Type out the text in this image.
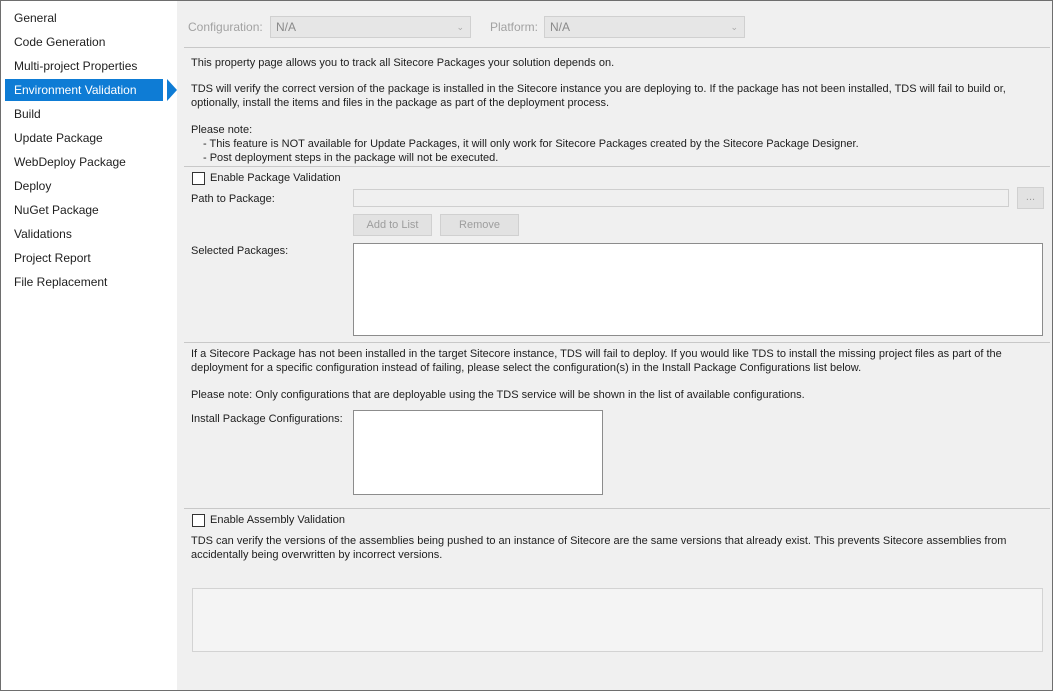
General
Code Generation
Multi-project Properties
Environment Validation
Build
Update Package
WebDeploy Package
Deploy
NuGet Package
Validations
Project Report
File Replacement
Configuration:	N/A	⌄ Platform: N/A	⌄
This property page allows you to track all Sitecore Packages your solution depends on.
TDS will verify the correct version of the package is installed in the Sitecore instance you are deploying to. If the package has not been installed, TDS will fail to build or,
optionally, install the items and files in the package as part of the deployment process.
Please note:
- This feature is NOT available for Update Packages, it will only work for Sitecore Packages created by the Sitecore Package Designer.
- Post deployment steps in the package will not be executed.
Enable Package Validation
Path to Package:	...
Add to List	Remove
Selected Packages:
If a Sitecore Package has not been installed in the target Sitecore instance, TDS will fail to deploy. If you would like TDS to install the missing project files as part of the
deployment for a specific configuration instead of failing, please select the configuration(s) in the Install Package Configurations list below.
Please note: Only configurations that are deployable using the TDS service will be shown in the list of available configurations.
Install Package Configurations:
Enable Assembly Validation
TDS can verify the versions of the assemblies being pushed to an instance of Sitecore are the same versions that already exist. This prevents Sitecore assemblies from
accidentally being overwritten by incorrect versions.
